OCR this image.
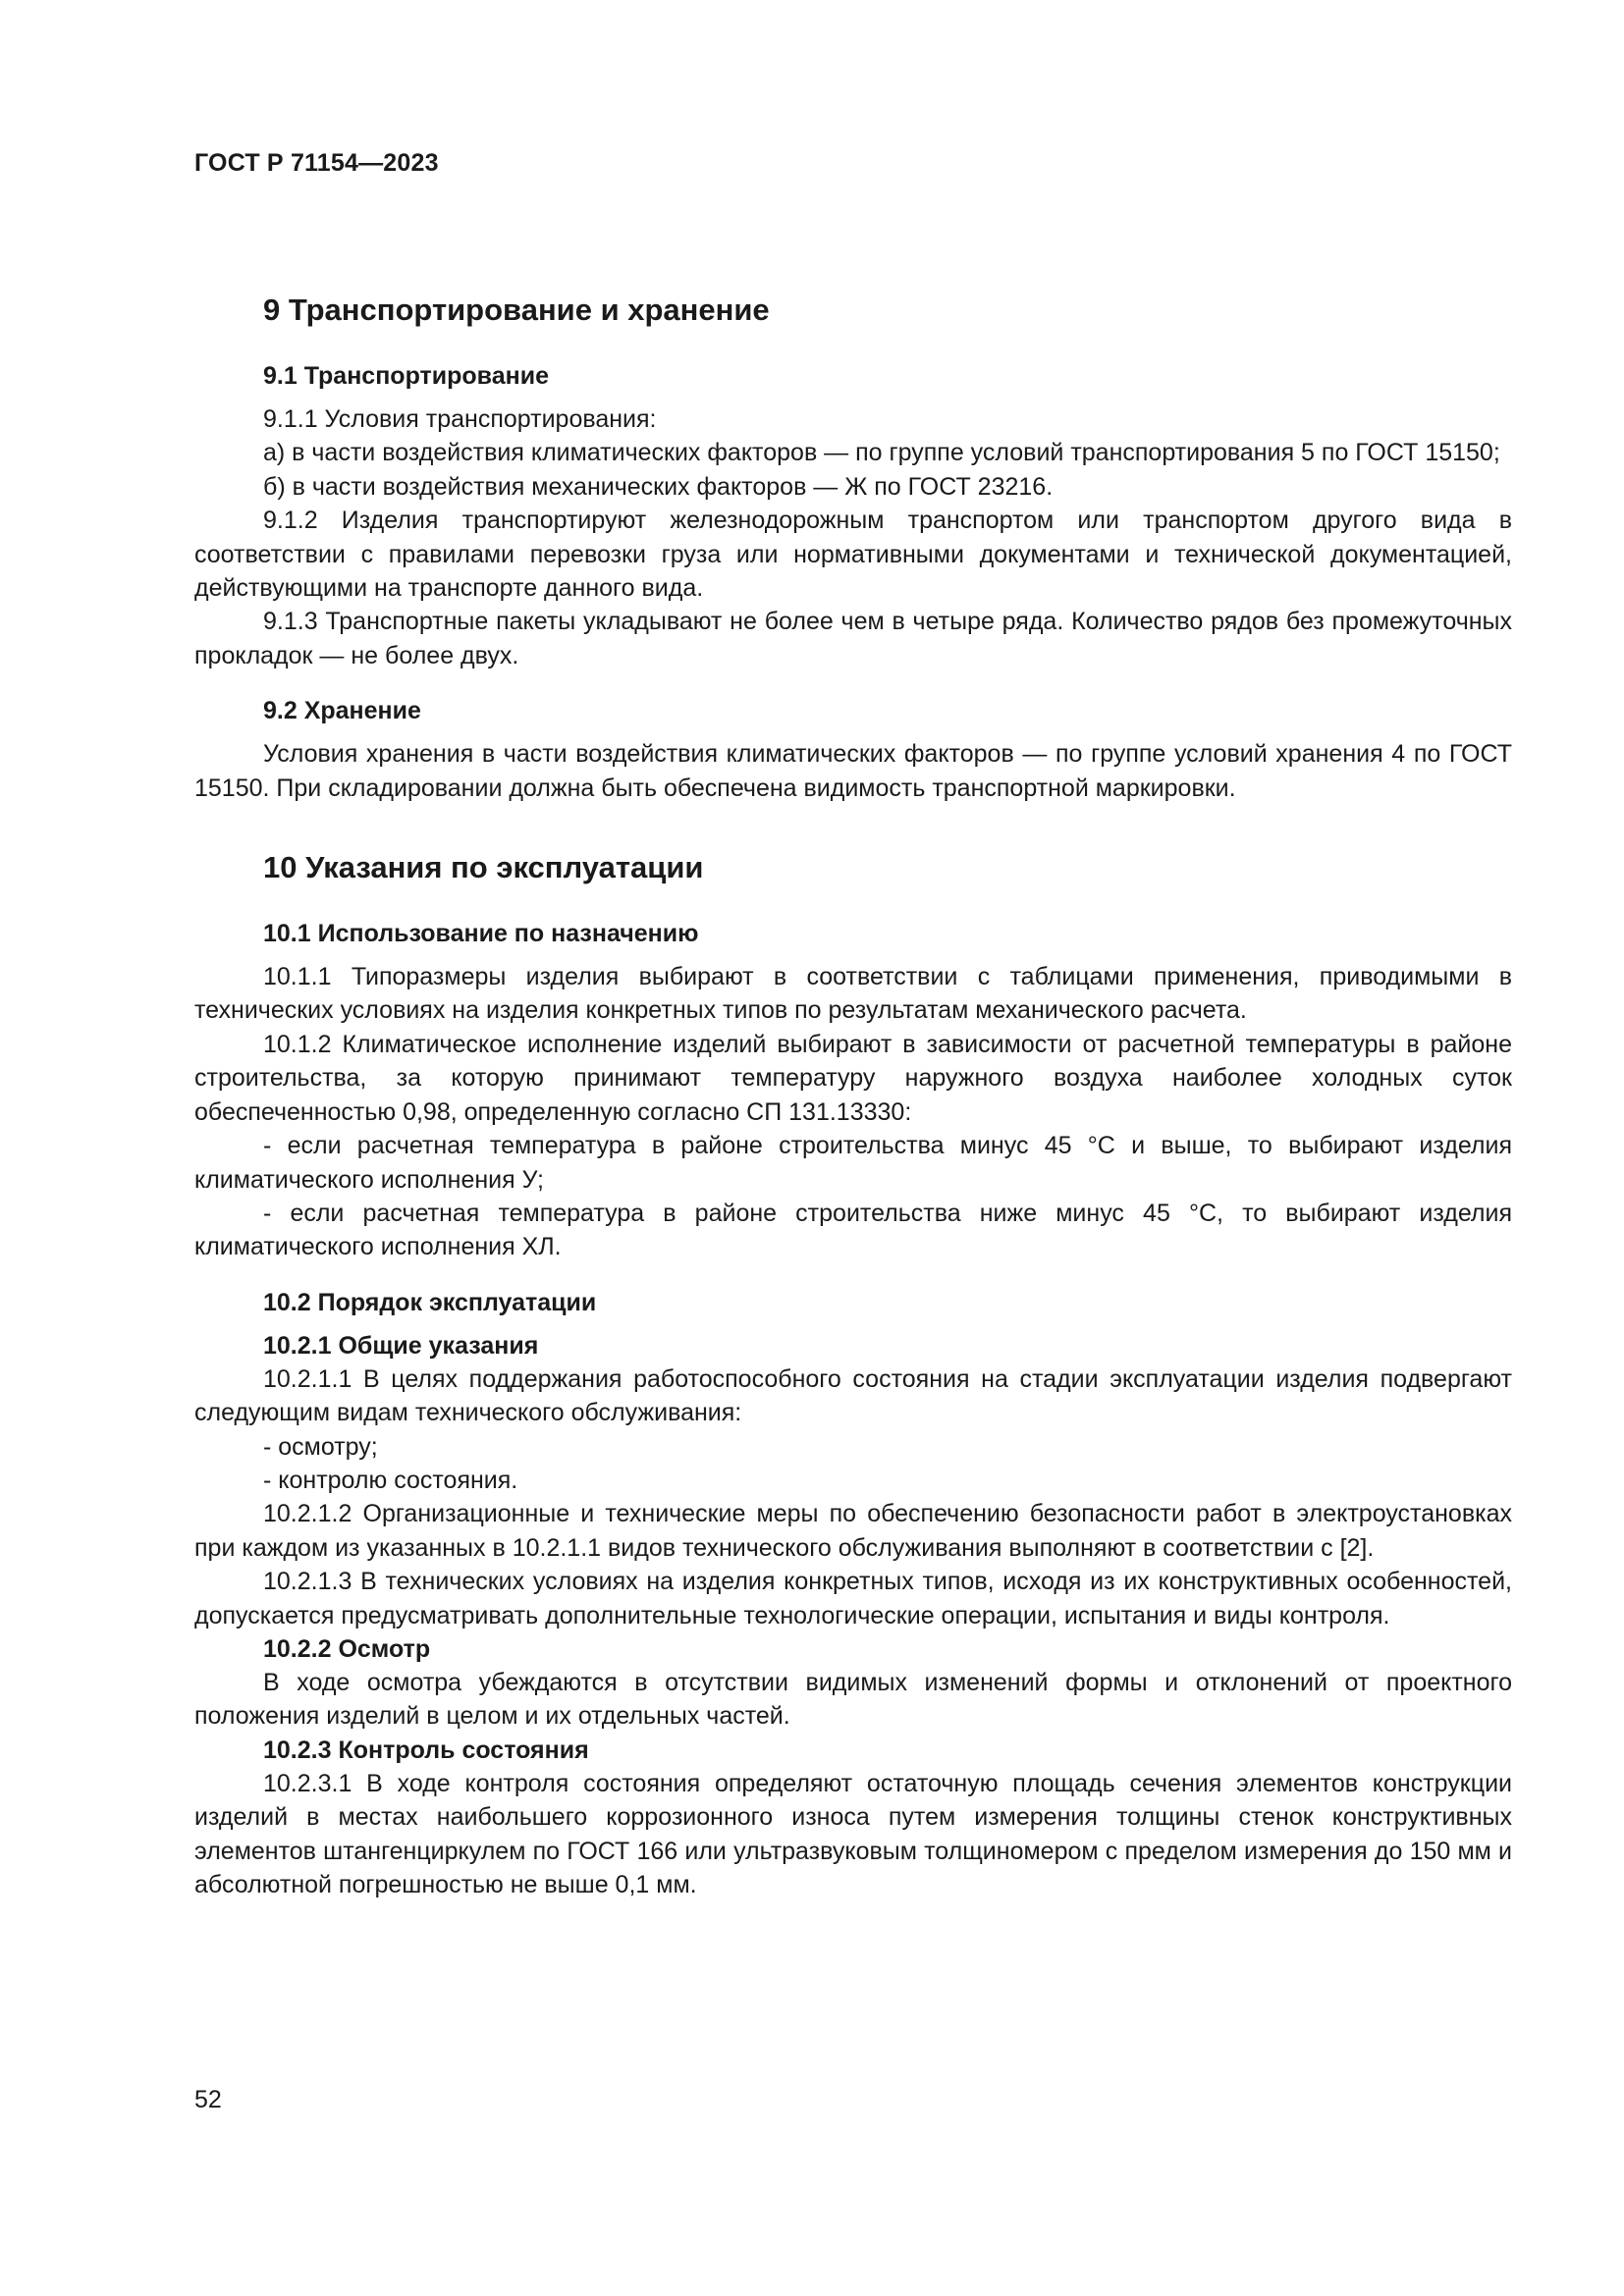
ГОСТ Р 71154—2023
9 Транспортирование и хранение
9.1 Транспортирование
9.1.1 Условия транспортирования:
а) в части воздействия климатических факторов — по группе условий транспортирования 5 по ГОСТ 15150;
б) в части воздействия механических факторов — Ж по ГОСТ 23216.
9.1.2 Изделия транспортируют железнодорожным транспортом или транспортом другого вида в соответствии с правилами перевозки груза или нормативными документами и технической документацией, действующими на транспорте данного вида.
9.1.3 Транспортные пакеты укладывают не более чем в четыре ряда. Количество рядов без промежуточных прокладок — не более двух.
9.2 Хранение
Условия хранения в части воздействия климатических факторов — по группе условий хранения 4 по ГОСТ 15150. При складировании должна быть обеспечена видимость транспортной маркировки.
10 Указания по эксплуатации
10.1 Использование по назначению
10.1.1 Типоразмеры изделия выбирают в соответствии с таблицами применения, приводимыми в технических условиях на изделия конкретных типов по результатам механического расчета.
10.1.2 Климатическое исполнение изделий выбирают в зависимости от расчетной температуры в районе строительства, за которую принимают температуру наружного воздуха наиболее холодных суток обеспеченностью 0,98, определенную согласно СП 131.13330:
- если расчетная температура в районе строительства минус 45 °С и выше, то выбирают изделия климатического исполнения У;
- если расчетная температура в районе строительства ниже минус 45 °С, то выбирают изделия климатического исполнения ХЛ.
10.2 Порядок эксплуатации
10.2.1 Общие указания
10.2.1.1 В целях поддержания работоспособного состояния на стадии эксплуатации изделия подвергают следующим видам технического обслуживания:
- осмотру;
- контролю состояния.
10.2.1.2 Организационные и технические меры по обеспечению безопасности работ в электроустановках при каждом из указанных в 10.2.1.1 видов технического обслуживания выполняют в соответствии с [2].
10.2.1.3 В технических условиях на изделия конкретных типов, исходя из их конструктивных особенностей, допускается предусматривать дополнительные технологические операции, испытания и виды контроля.
10.2.2 Осмотр
В ходе осмотра убеждаются в отсутствии видимых изменений формы и отклонений от проектного положения изделий в целом и их отдельных частей.
10.2.3 Контроль состояния
10.2.3.1 В ходе контроля состояния определяют остаточную площадь сечения элементов конструкции изделий в местах наибольшего коррозионного износа путем измерения толщины стенок конструктивных элементов штангенциркулем по ГОСТ 166 или ультразвуковым толщиномером с пределом измерения до 150 мм и абсолютной погрешностью не выше 0,1 мм.
52
